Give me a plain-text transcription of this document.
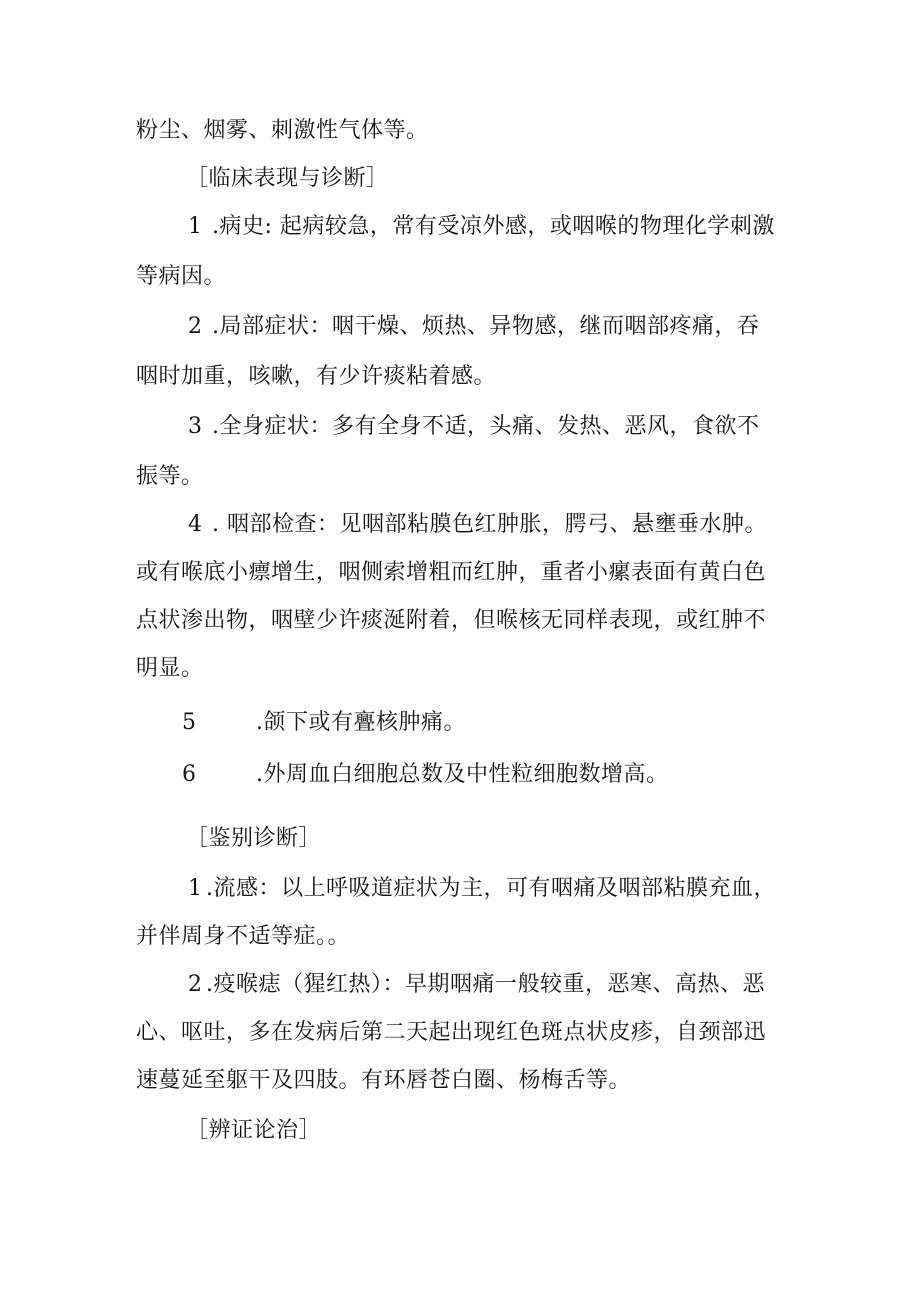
粉尘、烟雾、刺激性气体等。
［临床表现与诊断］
1 .病史: 起病较急，常有受凉外感，或咽喉的物理化学刺激
等病因。
2 .局部症状：咽干燥、烦热、异物感，继而咽部疼痛，吞
咽时加重，咳嗽，有少许痰粘着感。
3 .全身症状：多有全身不适，头痛、发热、恶风，食欲不
振等。
4 . 咽部检查：见咽部粘膜色红肿胀，腭弓、悬壅垂水肿。
或有喉底小瘭增生，咽侧索增粗而红肿，重者小瘰表面有黄白色
点状渗出物，咽壁少许痰涎附着，但喉核无同样表现，或红肿不
明显。
5	.颌下或有亹核肿痛。
6	.外周血白细胞总数及中性粒细胞数增高。
［鉴别诊断］
1 .流感：以上呼吸道症状为主，可有咽痛及咽部粘膜充血，
并伴周身不适等症。。
2 .疫喉痣（猩红热）：早期咽痛一般较重，恶寒、高热、恶
心、呕吐，多在发病后第二天起出现红色斑点状皮疹，自颈部迅
速蔓延至躯干及四肢。有环唇苍白圈、杨梅舌等。
［辨证论治］
